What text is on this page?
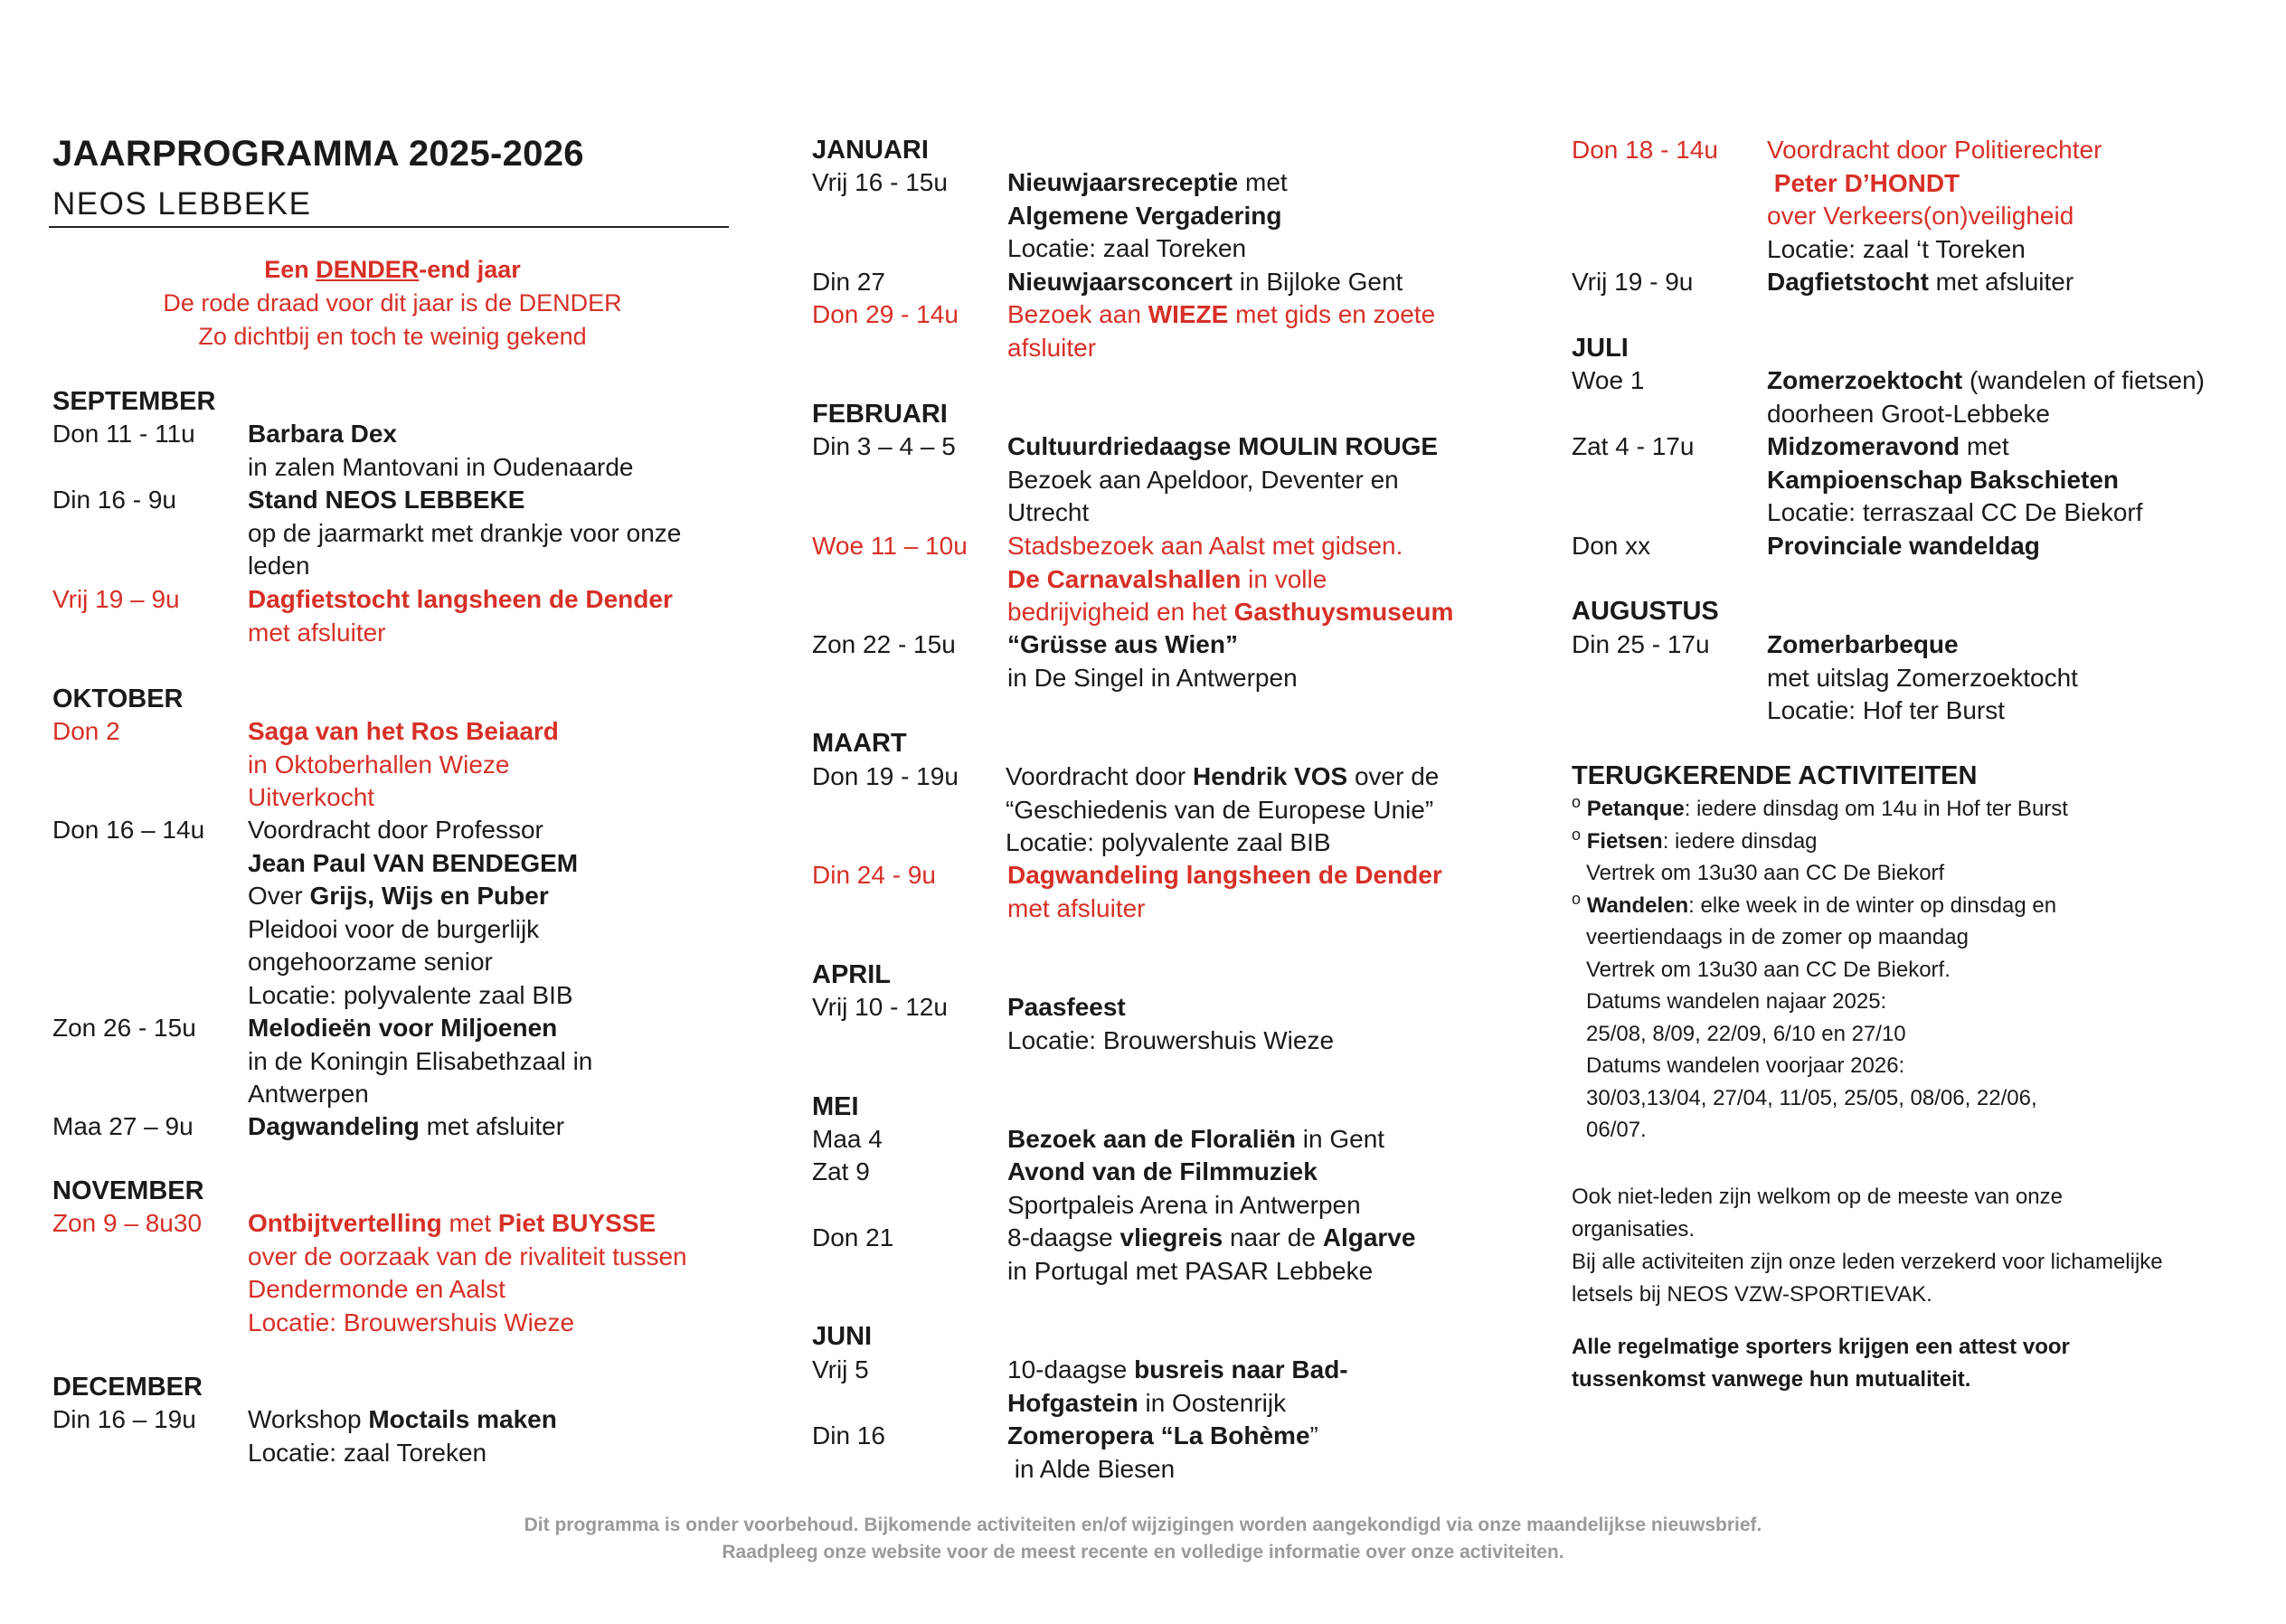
JAARPROGRAMMA 2025-2026
NEOS LEBBEKE
Een DENDER-end jaar
De rode draad voor dit jaar is de DENDER
Zo dichtbij en toch te weinig gekend
SEPTEMBER
Don 11 - 11u	Barbara Dex
in zalen Mantovani in Oudenaarde
Din 16 - 9u	Stand NEOS LEBBEKE
op de jaarmarkt met drankje voor onze
leden
Vrij 19 – 9u	Dagfietstocht langsheen de Dender
met afsluiter
OKTOBER
Don 2	Saga van het Ros Beiaard
in Oktoberhallen Wieze
Uitverkocht
Don 16 – 14u	Voordracht door Professor
Jean Paul VAN BENDEGEM
Over Grijs, Wijs en Puber
Pleidooi voor de burgerlijk
ongehoorzame senior
Locatie: polyvalente zaal BIB
Zon 26 - 15u	Melodieën voor Miljoenen
in de Koningin Elisabethzaal in
Antwerpen
Maa 27 – 9u	Dagwandeling met afsluiter
NOVEMBER
Zon 9 – 8u30	Ontbijtvertelling met Piet BUYSSE
over de oorzaak van de rivaliteit tussen
Dendermonde en Aalst
Locatie: Brouwershuis Wieze
DECEMBER
Din 16 – 19u	Workshop Moctails maken
Locatie: zaal Toreken
JANUARI
Vrij 16 - 15u	Nieuwjaarsreceptie met
Algemene Vergadering
Locatie: zaal Toreken
Din 27	Nieuwjaarsconcert in Bijloke Gent
Don 29 - 14u	Bezoek aan WIEZE met gids en zoete
afsluiter
FEBRUARI
Din 3 – 4 – 5	Cultuurdriedaagse MOULIN ROUGE
Bezoek aan Apeldoor, Deventer en
Utrecht
Woe 11 – 10u	Stadsbezoek aan Aalst met gidsen.
De Carnavalshallen in volle
bedrijvigheid en het Gasthuysmuseum
Zon 22 - 15u	“Grüsse aus Wien”
in De Singel in Antwerpen
MAART
Don 19 - 19u	Voordracht door Hendrik VOS over de
“Geschiedenis van de Europese Unie”
Locatie: polyvalente zaal BIB
Din 24 - 9u	Dagwandeling langsheen de Dender
met afsluiter
APRIL
Vrij 10 - 12u	Paasfeest
Locatie: Brouwershuis Wieze
MEI
Maa 4	Bezoek aan de Floraliën in Gent
Zat 9	Avond van de Filmmuziek
Sportpaleis Arena in Antwerpen
Don 21	8-daagse vliegreis naar de Algarve
in Portugal met PASAR Lebbeke
JUNI
Vrij 5	10-daagse busreis naar Bad-
Hofgastein in Oostenrijk
Din 16	Zomeropera “La Bohème”
in Alde Biesen
Don 18 - 14u	Voordracht door Politierechter
Peter D’HONDT
over Verkeers(on)veiligheid
Locatie: zaal ‘t Toreken
Vrij 19 - 9u	Dagfietstocht met afsluiter
JULI
Woe 1	Zomerzoektocht (wandelen of fietsen)
doorheen Groot-Lebbeke
Zat 4 - 17u	Midzomeravond met
Kampioenschap Bakschieten
Locatie: terraszaal CC De Biekorf
Don xx	Provinciale wandeldag
AUGUSTUS
Din 25 - 17u	Zomerbarbeque
met uitslag Zomerzoektocht
Locatie: Hof ter Burst
TERUGKERENDE ACTIVITEITEN
$^o$ Petanque: iedere dinsdag om 14u in Hof ter Burst
$^o$ Fietsen: iedere dinsdag
Vertrek om 13u30 aan CC De Biekorf
$^o$ Wandelen: elke week in de winter op dinsdag en
veertiendaags in de zomer op maandag
Vertrek om 13u30 aan CC De Biekorf.
Datums wandelen najaar 2025:
25/08, 8/09, 22/09, 6/10 en 27/10
Datums wandelen voorjaar 2026:
30/03,13/04, 27/04, 11/05, 25/05, 08/06, 22/06,
06/07.
Ook niet-leden zijn welkom op de meeste van onze
organisaties.
Bij alle activiteiten zijn onze leden verzekerd voor lichamelijke
letsels bij NEOS VZW-SPORTIEVAK.
Alle regelmatige sporters krijgen een attest voor
tussenkomst vanwege hun mutualiteit.
Dit programma is onder voorbehoud. Bijkomende activiteiten en/of wijzigingen worden aangekondigd via onze maandelijkse nieuwsbrief.
Raadpleeg onze website voor de meest recente en volledige informatie over onze activiteiten.
